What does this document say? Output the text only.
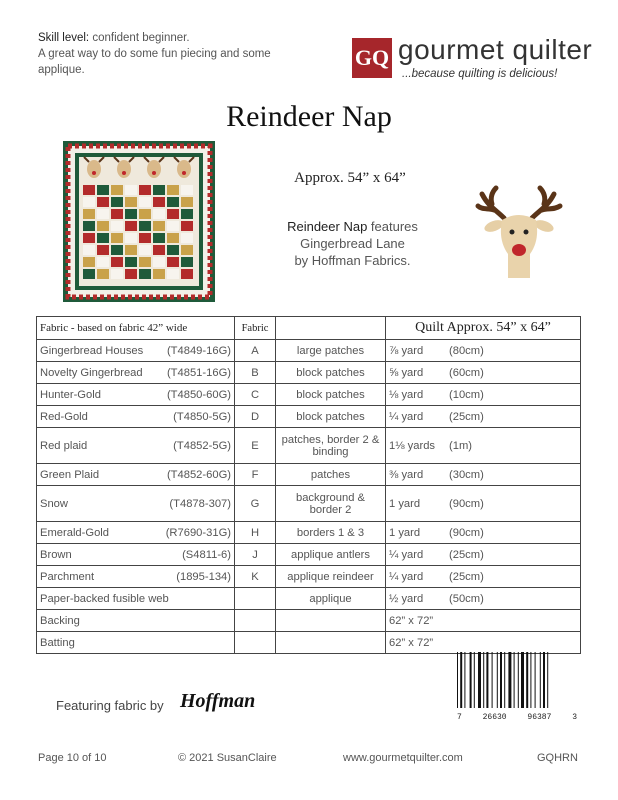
Skill level: confident beginner.
A great way to do some fun piecing and some applique.	GQ gourmet quilter
...because quilting is delicious!
Reindeer Nap
Approx. 54” x 64”
Reindeer Nap features
Gingerbread Lane
by Hoffman Fabrics.
Fabric - based on fabric 42” wide	Fabric		Quilt Approx. 54” x 64”

Gingerbread Houses (T4849-16G)	A	large patches	⅞ yard (80cm)

Novelty Gingerbread (T4851-16G)	B	block patches	⅝ yard (60cm)

Hunter-Gold (T4850-60G)	C	block patches	⅛ yard (10cm)

Red-Gold (T4850-5G)	D	block patches	¼ yard (25cm)

Red plaid (T4852-5G)	E	patches, border 2 & binding	1⅛ yards (1m)

Green Plaid (T4852-60G)	F	patches	⅜ yard (30cm)

Snow (T4878-307)	G	background & border 2	1 yard (90cm)

Emerald-Gold (R7690-31G)	H	borders 1 & 3	1 yard (90cm)

Brown (S4811-6)	J	applique antlers	¼ yard (25cm)

Parchment (1895-134)	K	applique reindeer	¼ yard (25cm)

Paper-backed fusible web		applique	½ yard (50cm)

Backing			62” x 72”

Batting			62” x 72”
Featuring fabric by Hoffman
7	26630	96387	3
Page 10 of 10	© 2021 SusanClaire	www.gourmetquilter.com	GQHRN
